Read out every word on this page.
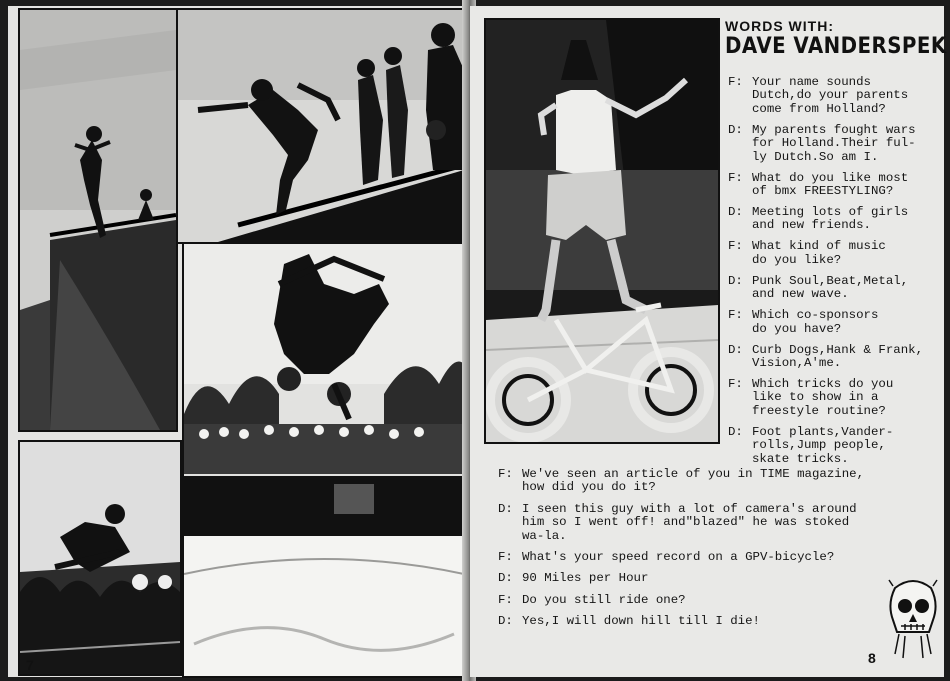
7
WORDS WITH:
DAVE VANDERSPEK
F: Your name sounds
Dutch,do your parents
come from Holland?
D: My parents fought wars
for Holland.Their ful-
ly Dutch.So am I.
F: What do you like most
of bmx FREESTYLING?
D: Meeting lots of girls
and new friends.
F: What kind of music
do you like?
D: Punk Soul,Beat,Metal,
and new wave.
F: Which co-sponsors
do you have?
D: Curb Dogs,Hank & Frank,
Vision,A'me.
F: Which tricks do you
like to show in a
freestyle routine?
D: Foot plants,Vander-
rolls,Jump people,
skate tricks.
F: We've seen an article of you in TIME magazine,
how did you do it?
D: I seen this guy with a lot of camera's around
him so I went off! and"blazed" he was stoked
wa-la.
F: What's your speed record on a GPV-bicycle?
D: 90 Miles per Hour
F: Do you still ride one?
D: Yes,I will down hill till I die!
8
